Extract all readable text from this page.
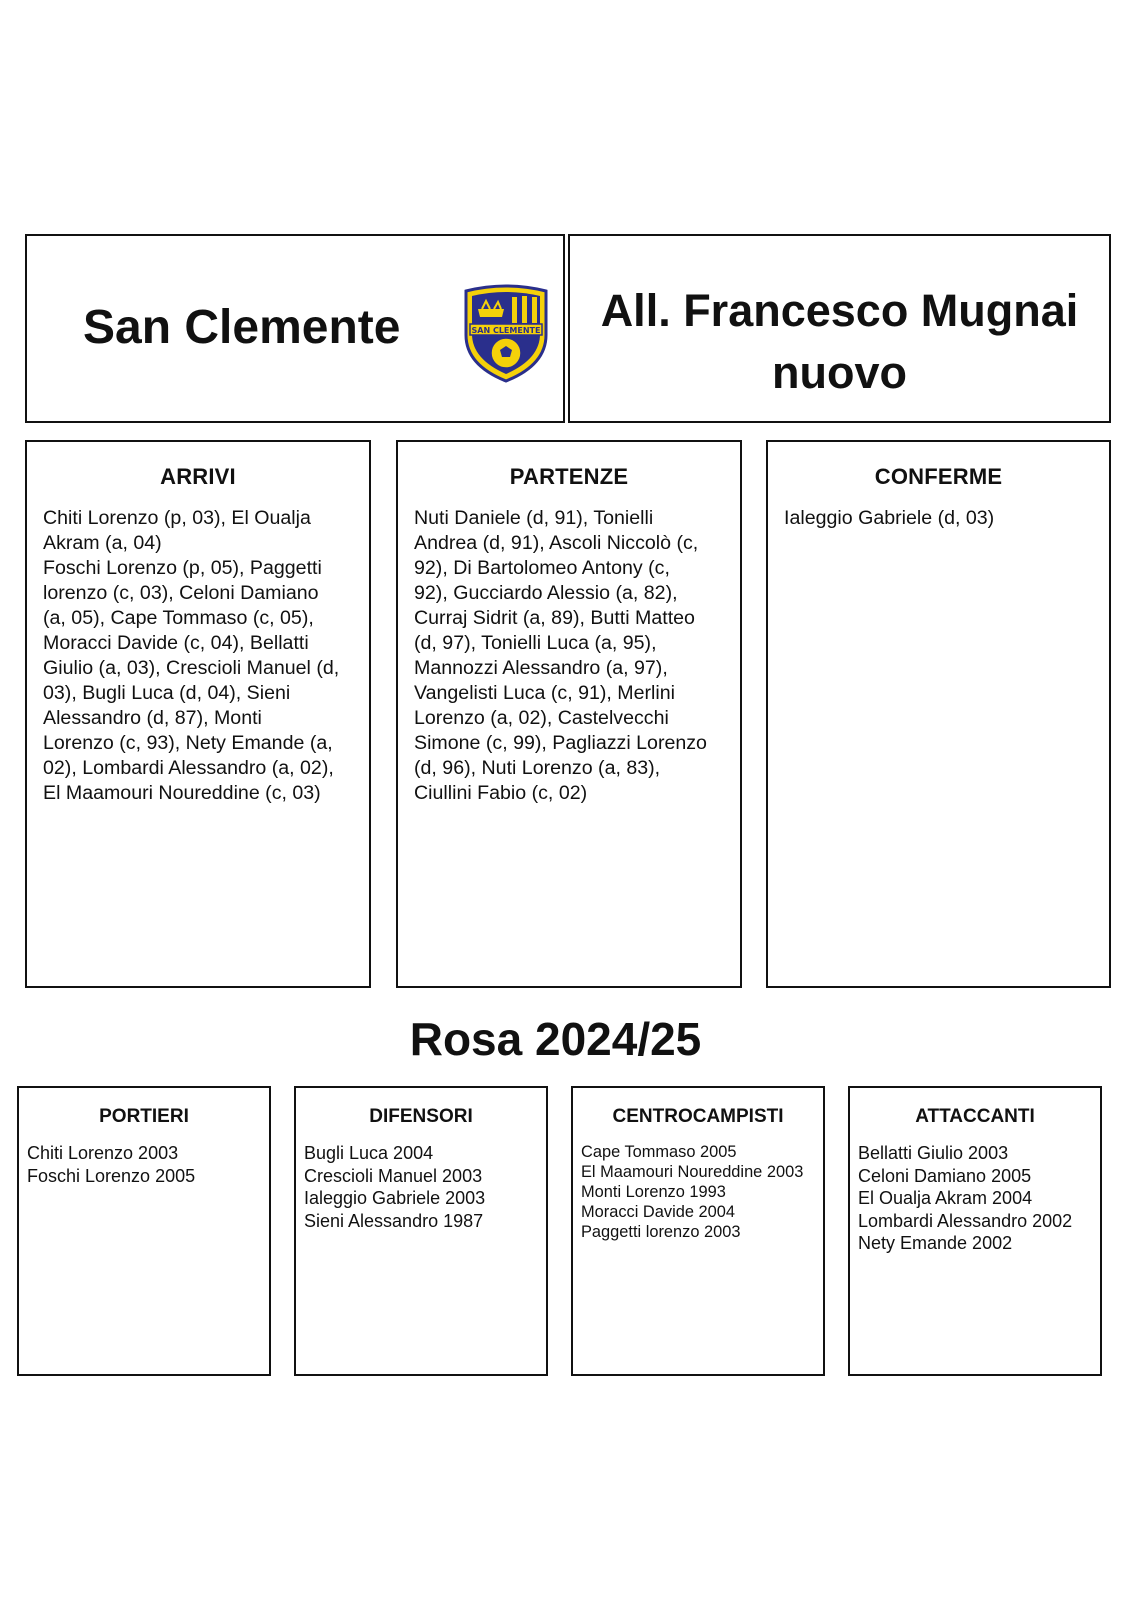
San Clemente	SAN CLEMENTE	All. Francesco Mugnai
nuovo
ARRIVI
Chiti Lorenzo (p, 03), El Oualja
Akram (a, 04)
Foschi Lorenzo (p, 05), Paggetti
lorenzo (c, 03), Celoni Damiano
(a, 05), Cape Tommaso (c, 05),
Moracci Davide (c, 04), Bellatti
Giulio (a, 03), Crescioli Manuel (d,
03), Bugli Luca (d, 04), Sieni
Alessandro (d, 87), Monti
Lorenzo (c, 93), Nety Emande (a,
02), Lombardi Alessandro (a, 02),
El Maamouri Noureddine (c, 03)
PARTENZE
Nuti Daniele (d, 91), Tonielli
Andrea (d, 91), Ascoli Niccolò (c,
92), Di Bartolomeo Antony (c,
92), Gucciardo Alessio (a, 82),
Curraj Sidrit (a, 89), Butti Matteo
(d, 97), Tonielli Luca (a, 95),
Mannozzi Alessandro (a, 97),
Vangelisti Luca (c, 91), Merlini
Lorenzo (a, 02), Castelvecchi
Simone (c, 99), Pagliazzi Lorenzo
(d, 96), Nuti Lorenzo (a, 83),
Ciullini Fabio (c, 02)
CONFERME
Ialeggio Gabriele (d, 03)
Rosa 2024/25
PORTIERI
Chiti Lorenzo 2003
Foschi Lorenzo 2005
DIFENSORI
Bugli Luca 2004
Crescioli Manuel 2003
Ialeggio Gabriele 2003
Sieni Alessandro 1987
CENTROCAMPISTI
Cape Tommaso 2005
El Maamouri Noureddine 2003
Monti Lorenzo 1993
Moracci Davide 2004
Paggetti lorenzo 2003
ATTACCANTI
Bellatti Giulio 2003
Celoni Damiano 2005
El Oualja Akram 2004
Lombardi Alessandro 2002
Nety Emande 2002
